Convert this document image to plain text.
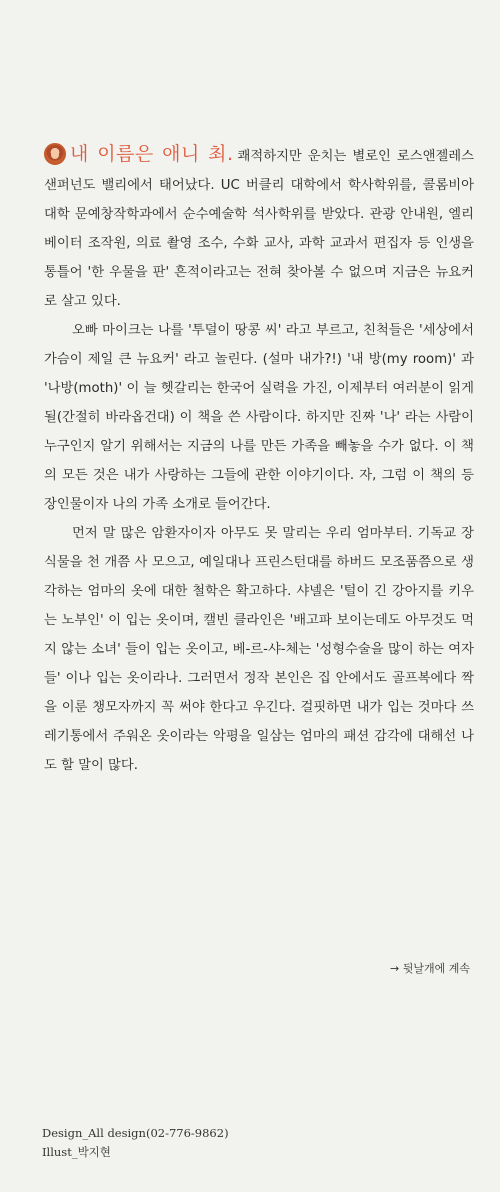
내 이름은 애니 최. 쾌적하지만 운치는 별로인 로스앤젤레스 샌퍼넌도 밸리에서 태어났다. UC 버클리 대학에서 학사학위를, 콜롬비아 대학 문예창작학과에서 순수예술학 석사학위를 받았다. 관광 안내원, 엘리베이터 조작원, 의료 촬영 조수, 수화 교사, 과학 교과서 편집자 등 인생을 통틀어 '한 우물을 판' 흔적이라고는 전혀 찾아볼 수 없으며 지금은 뉴요커로 살고 있다.

오빠 마이크는 나를 '투덜이 땅콩 씨' 라고 부르고, 친척들은 '세상에서 가슴이 제일 큰 뉴요커' 라고 놀린다. (설마 내가?!) '내 방(my room)' 과 '나방(moth)' 이 늘 헷갈리는 한국어 실력을 가진, 이제부터 여러분이 읽게 될(간절히 바라옵건대) 이 책을 쓴 사람이다. 하지만 진짜 '나' 라는 사람이 누구인지 알기 위해서는 지금의 나를 만든 가족을 빼놓을 수가 없다. 이 책의 모든 것은 내가 사랑하는 그들에 관한 이야기이다. 자, 그럼 이 책의 등장인물이자 나의 가족 소개로 들어간다.

먼저 말 많은 암환자이자 아무도 못 말리는 우리 엄마부터. 기독교 장식물을 천 개쯤 사 모으고, 예일대나 프린스턴대를 하버드 모조품쯤으로 생각하는 엄마의 옷에 대한 철학은 확고하다. 샤넬은 '털이 긴 강아지를 키우는 노부인' 이 입는 옷이며, 캘빈 클라인은 '배고파 보이는데도 아무것도 먹지 않는 소녀' 들이 입는 옷이고, 베-르-샤-체는 '성형수술을 많이 하는 여자들' 이나 입는 옷이라나. 그러면서 정작 본인은 집 안에서도 골프복에다 짝을 이룬 챙모자까지 꼭 써야 한다고 우긴다. 걸핏하면 내가 입는 것마다 쓰레기통에서 주워온 옷이라는 악평을 일삼는 엄마의 패션 감각에 대해선 나도 할 말이 많다.

→ 뒷날개에 계속
Design_All design(02-776-9862)
Illust_박지현
